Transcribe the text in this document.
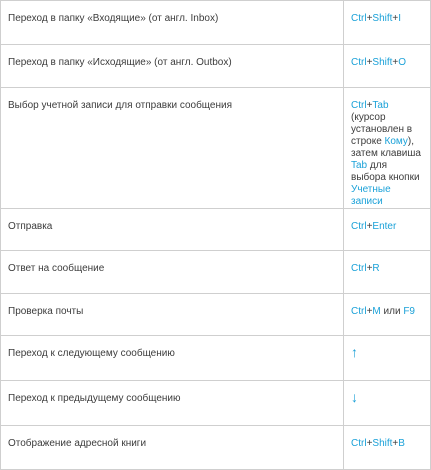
Переход в папку «Входящие» (от англ. Inbox)	Ctrl+Shift+I
Переход в папку «Исходящие» (от англ. Outbox)	Ctrl+Shift+O
Выбор учетной записи для отправки сообщения	Ctrl+Tab (курсор установлен в строке Кому), затем клавиша Tab для выбора кнопки Учетные записи
Отправка	Ctrl+Enter
Ответ на сообщение	Ctrl+R
Проверка почты	Ctrl+M или F9
Переход к следующему сообщению	↑
Переход к предыдущему сообщению	↓
Отображение адресной книги	Ctrl+Shift+B
